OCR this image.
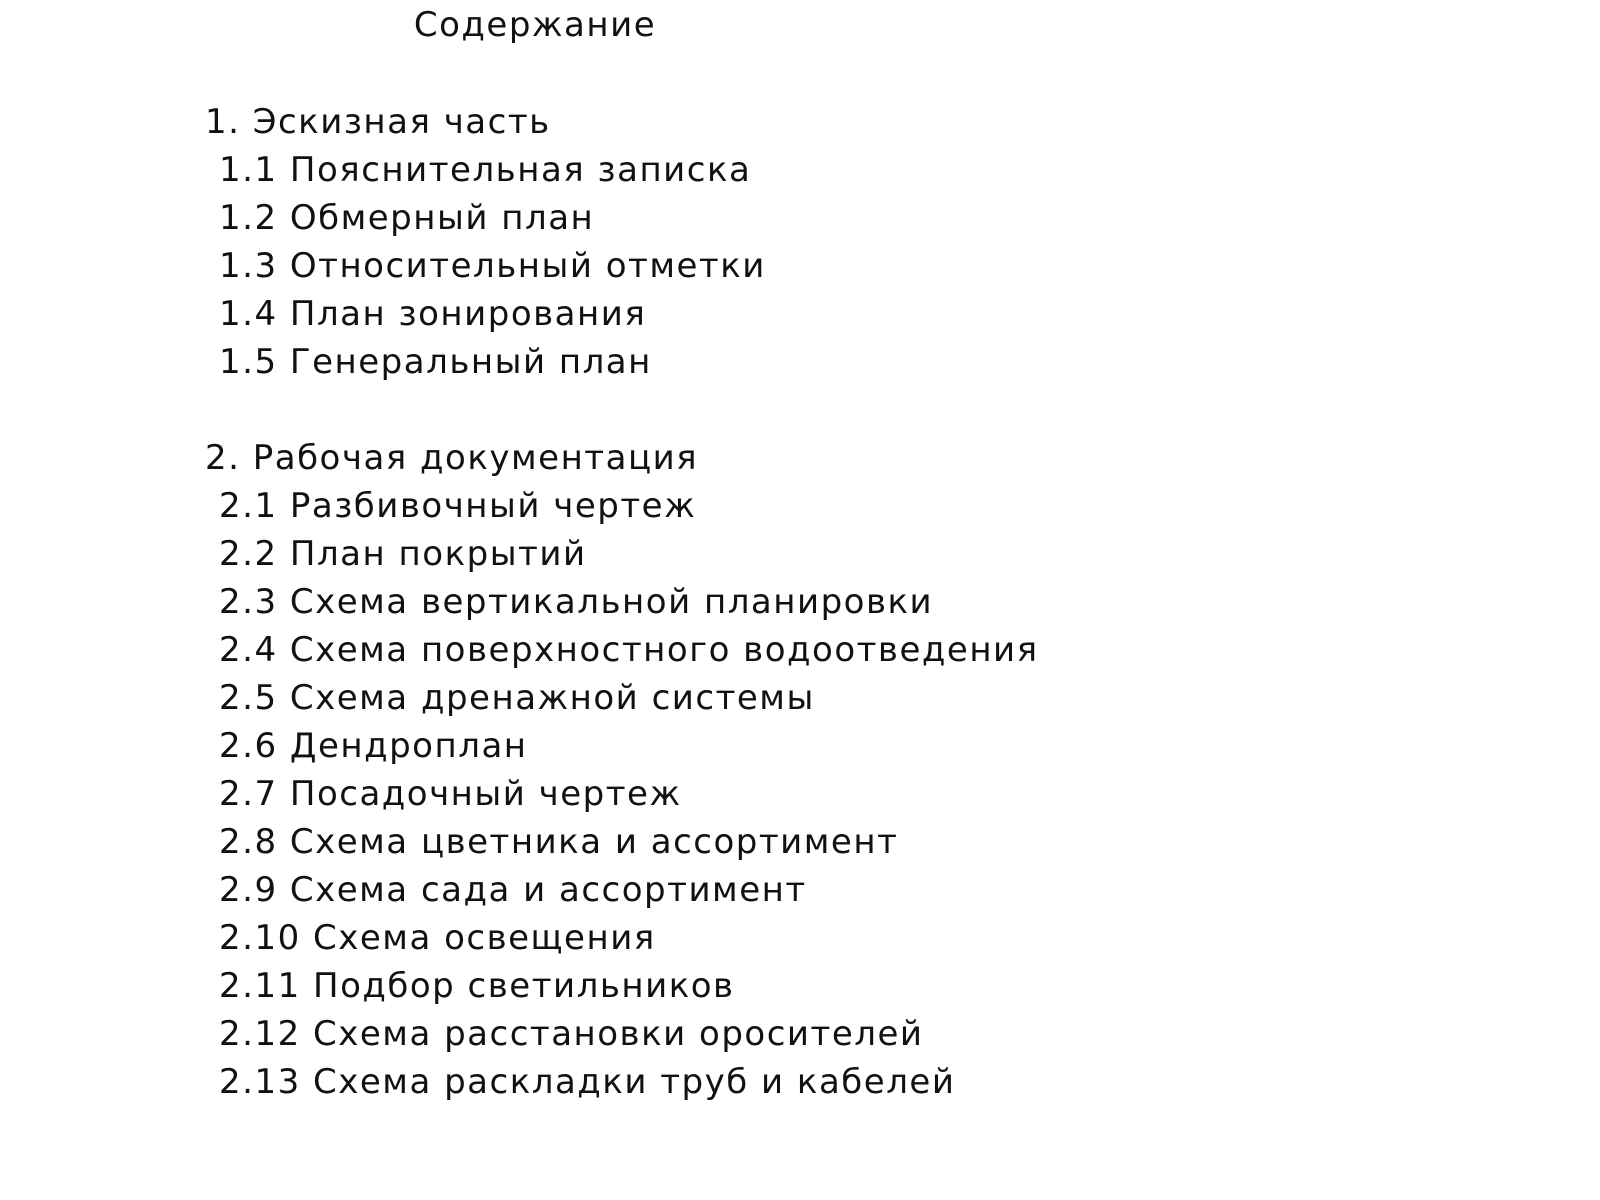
Содержание
1. Эскизная часть
1.1 Пояснительная записка
1.2 Обмерный план
1.3 Относительный отметки
1.4 План зонирования
1.5 Генеральный план
2. Рабочая документация
2.1 Разбивочный чертеж
2.2 План покрытий
2.3 Схема вертикальной планировки
2.4 Схема поверхностного водоотведения
2.5 Схема дренажной системы
2.6 Дендроплан
2.7 Посадочный чертеж
2.8 Схема цветника и ассортимент
2.9 Схема сада и ассортимент
2.10 Схема освещения
2.11 Подбор светильников
2.12 Схема расстановки оросителей
2.13 Схема раскладки труб и кабелей
